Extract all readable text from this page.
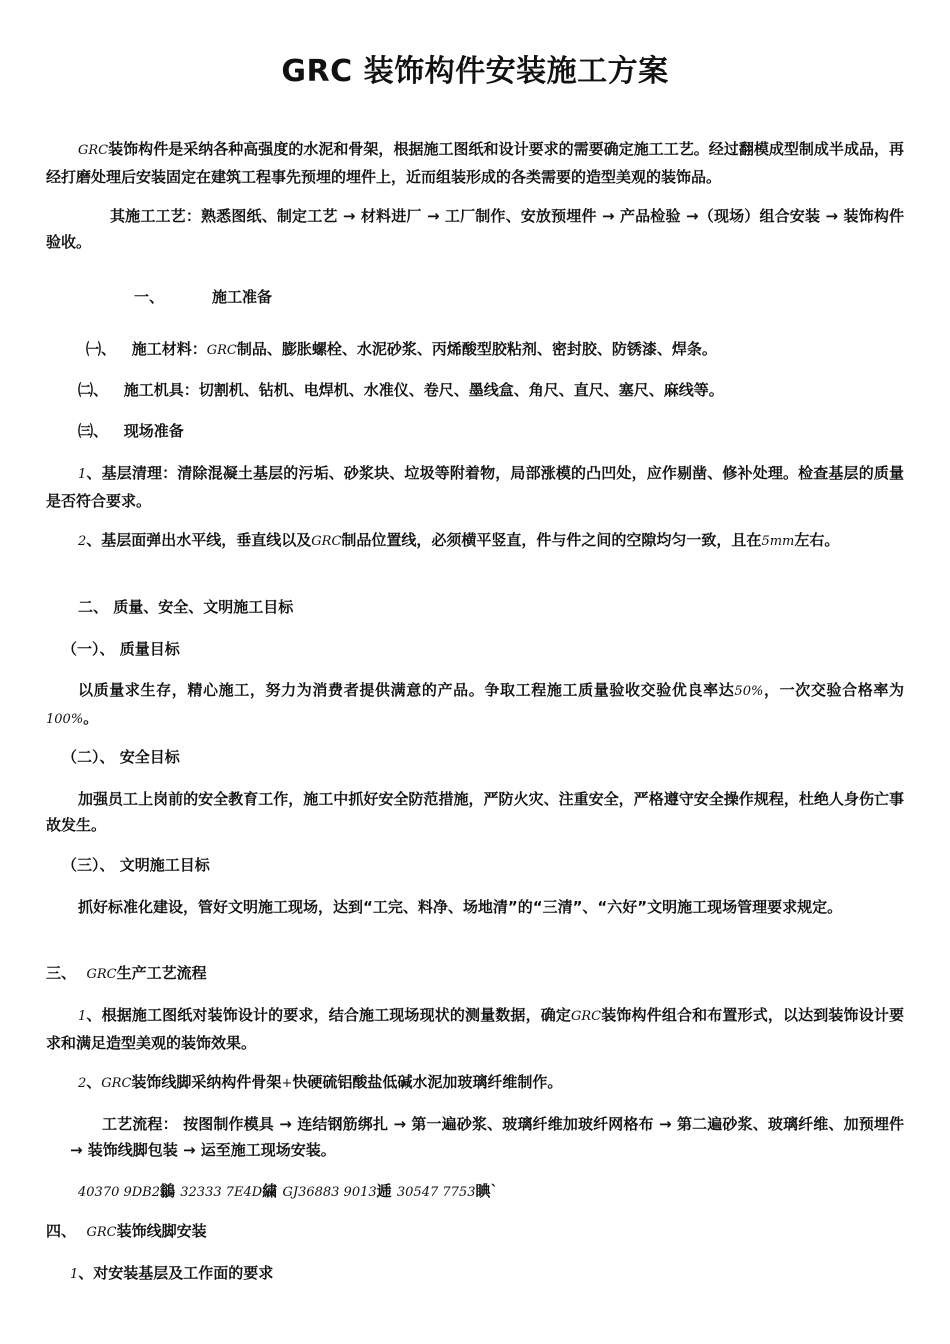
GRC 装饰构件安装施工方案
GRC装饰构件是采纳各种高强度的水泥和骨架，根据施工图纸和设计要求的需要确定施工工艺。经过翻模成型制成半成品，再经打磨处理后安装固定在建筑工程事先预埋的埋件上，近而组装形成的各类需要的造型美观的装饰品。
其施工工艺：熟悉图纸、制定工艺 → 材料进厂 → 工厂制作、安放预埋件 → 产品检验 →（现场）组合安装 → 装饰构件验收。
一、	施工准备
㈠、 施工材料：GRC制品、膨胀螺栓、水泥砂浆、丙烯酸型胶粘剂、密封胶、防锈漆、焊条。
㈡、 施工机具：切割机、钻机、电焊机、水准仪、卷尺、墨线盒、角尺、直尺、塞尺、麻线等。
㈢、 现场准备
1、基层清理：清除混凝土基层的污垢、砂浆块、垃圾等附着物，局部涨模的凸凹处，应作剔凿、修补处理。检查基层的质量是否符合要求。
2、基层面弹出水平线，垂直线以及GRC制品位置线，必须横平竖直，件与件之间的空隙均匀一致，且在5mm左右。
二、 质量、安全、文明施工目标
（一）、 质量目标
以质量求生存，精心施工，努力为消费者提供满意的产品。争取工程施工质量验收交验优良率达50%，一次交验合格率为100%。
（二）、 安全目标
加强员工上岗前的安全教育工作，施工中抓好安全防范措施，严防火灾、注重安全，严格遵守安全操作规程，杜绝人身伤亡事故发生。
（三）、 文明施工目标
抓好标准化建设，管好文明施工现场，达到“工完、料净、场地清”的“三清”、“六好”文明施工现场管理要求规定。
三、 GRC生产工艺流程
1、根据施工图纸对装饰设计的要求，结合施工现场现状的测量数据，确定GRC装饰构件组合和布置形式，以达到装饰设计要求和满足造型美观的装饰效果。
2、GRC装饰线脚采纳构件骨架+快硬硫铝酸盐低碱水泥加玻璃纤维制作。
工艺流程： 按图制作模具 → 连结钢筋绑扎 → 第一遍砂浆、玻璃纤维加玻纤网格布 → 第二遍砂浆、玻璃纤维、加预埋件 → 装饰线脚包装 → 运至施工现场安装。
40370 9DB2鶲 32333 7E4D繍 GJ36883 9013逓 30547 7753睓`
四、 GRC装饰线脚安装
1、对安装基层及工作面的要求
